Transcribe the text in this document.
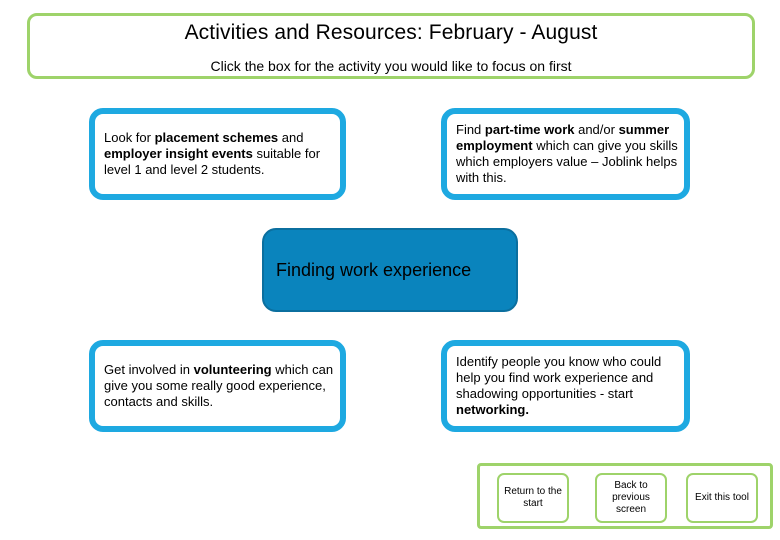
Activities and Resources: February - August
Click the box for the activity you would like to focus on first
Look for placement schemes and employer insight events suitable for level 1 and level 2 students.
Find part-time work and/or summer employment which can give you skills which employers value – Joblink helps with this.
Finding work experience
Get involved in volunteering which can give you some really good experience, contacts and skills.
Identify people you know who could help you find work experience and shadowing opportunities - start networking.
Return to the start
Back to previous screen
Exit this tool
